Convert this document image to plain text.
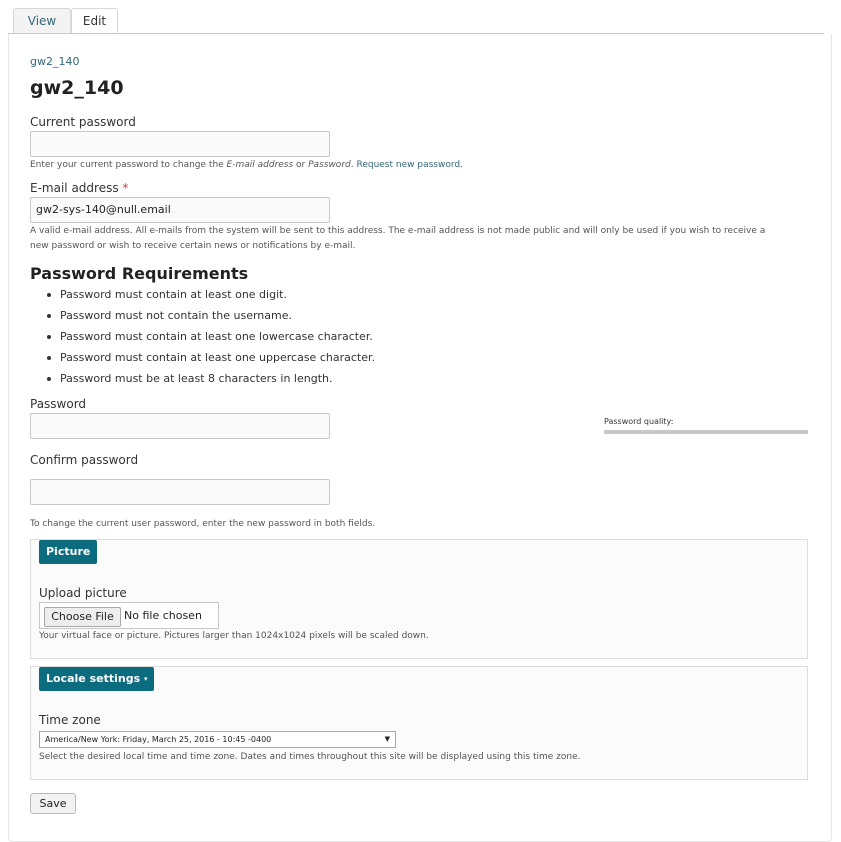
View	Edit
gw2_140
gw2_140
Current password
Enter your current password to change the E-mail address or Password. Request new password.
E-mail address *
gw2-sys-140@null.email
A valid e-mail address. All e-mails from the system will be sent to this address. The e-mail address is not made public and will only be used if you wish to receive a
new password or wish to receive certain news or notifications by e-mail.
Password Requirements
Password must contain at least one digit.
Password must not contain the username.
Password must contain at least one lowercase character.
Password must contain at least one uppercase character.
Password must be at least 8 characters in length.
Password
Password quality:
Confirm password
To change the current user password, enter the new password in both fields.
Picture
Upload picture
Choose File No file chosen
Your virtual face or picture. Pictures larger than 1024x1024 pixels will be scaled down.
Locale settings ▾
Time zone
America/New York: Friday, March 25, 2016 - 10:45 -0400	▼
Select the desired local time and time zone. Dates and times throughout this site will be displayed using this time zone.
Save
